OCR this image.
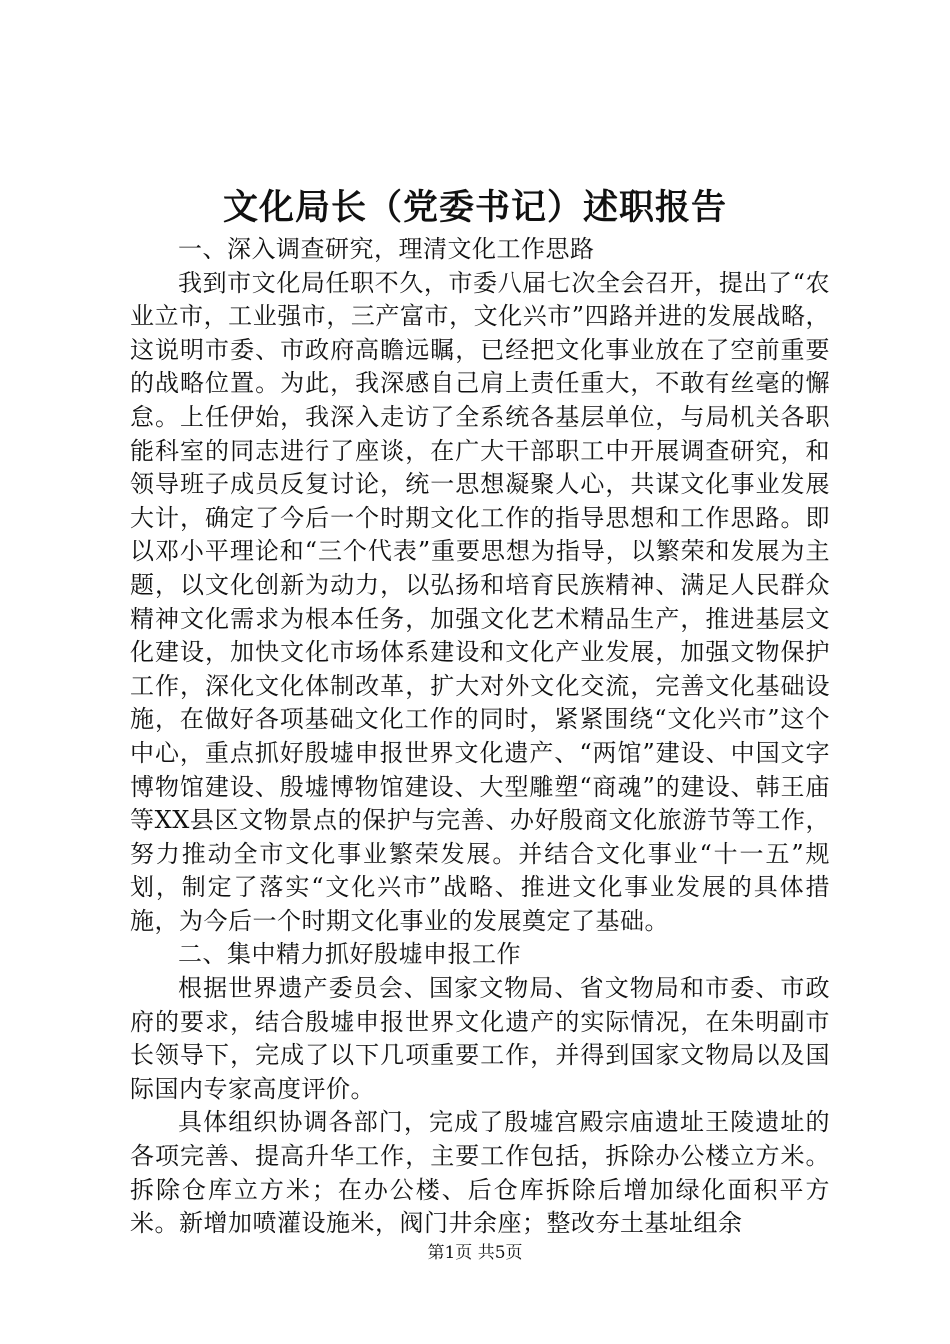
文化局长（党委书记）述职报告

一、深入调查研究，理清文化工作思路

我到市文化局任职不久，市委八届七次全会召开，提出了“农业立市，工业强市，三产富市，文化兴市”四路并进的发展战略，这说明市委、市政府高瞻远瞩，已经把文化事业放在了空前重要的战略位置。为此，我深感自己肩上责任重大，不敢有丝毫的懈怠。上任伊始，我深入走访了全系统各基层单位，与局机关各职能科室的同志进行了座谈，在广大干部职工中开展调查研究，和领导班子成员反复讨论，统一思想凝聚人心，共谋文化事业发展大计，确定了今后一个时期文化工作的指导思想和工作思路。即以邓小平理论和“三个代表”重要思想为指导，以繁荣和发展为主题，以文化创新为动力，以弘扬和培育民族精神、满足人民群众精神文化需求为根本任务，加强文化艺术精品生产，推进基层文化建设，加快文化市场体系建设和文化产业发展，加强文物保护工作，深化文化体制改革，扩大对外文化交流，完善文化基础设施，在做好各项基础文化工作的同时，紧紧围绕“文化兴市”这个中心，重点抓好殷墟申报世界文化遗产、“两馆”建设、中国文字博物馆建设、殷墟博物馆建设、大型雕塑“商魂”的建设、韩王庙等XX县区文物景点的保护与完善、办好殷商文化旅游节等工作，努力推动全市文化事业繁荣发展。并结合文化事业“十一五”规划，制定了落实“文化兴市”战略、推进文化事业发展的具体措施，为今后一个时期文化事业的发展奠定了基础。

二、集中精力抓好殷墟申报工作

根据世界遗产委员会、国家文物局、省文物局和市委、市政府的要求，结合殷墟申报世界文化遗产的实际情况，在朱明副市长领导下，完成了以下几项重要工作，并得到国家文物局以及国际国内专家高度评价。

具体组织协调各部门，完成了殷墟宫殿宗庙遗址王陵遗址的各项完善、提高升华工作，主要工作包括，拆除办公楼立方米。拆除仓库立方米；在办公楼、后仓库拆除后增加绿化面积平方米。新增加喷灌设施米，阀门井余座；整改夯土基址组余

第1页 共5页
